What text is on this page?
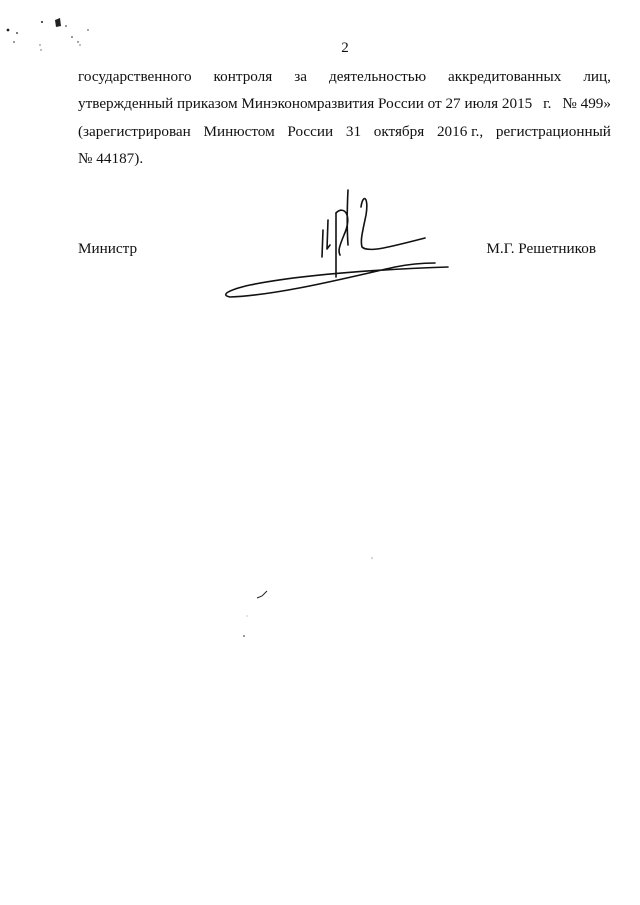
2
государственного контроля за деятельностью аккредитованных лиц,
утвержденный приказом Минэкономразвития России от 27 июля 2015 г. № 499»
(зарегистрирован Минюстом России 31 октября 2016 г., регистрационный
№ 44187).
Министр	М.Г. Решетников
